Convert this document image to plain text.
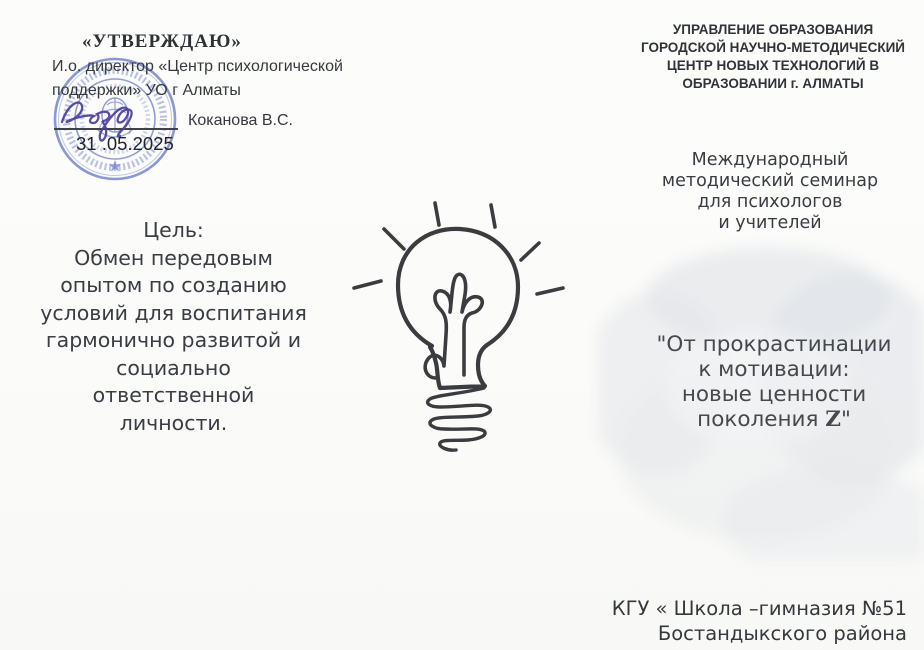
«УТВЕРЖДАЮ»
И.о. директор «Центр психологической
поддержки» УО г Алматы
Коканова В.С.
31 .05.2025
УПРАВЛЕНИЕ ОБРАЗОВАНИЯ
ГОРОДСКОЙ НАУЧНО-МЕТОДИЧЕСКИЙ
ЦЕНТР НОВЫХ ТЕХНОЛОГИЙ В
ОБРАЗОВАНИИ г. АЛМАТЫ
Международный
методический семинар
для психологов
и учителей
Цель:
Обмен передовым
опытом по созданию
условий для воспитания
гармонично развитой и
социально
ответственной
личности.
"От прокрастинации
к мотивации:
новые ценности
поколения Z"
КГУ « Школа –гимназия №51
Бостандыкского района
